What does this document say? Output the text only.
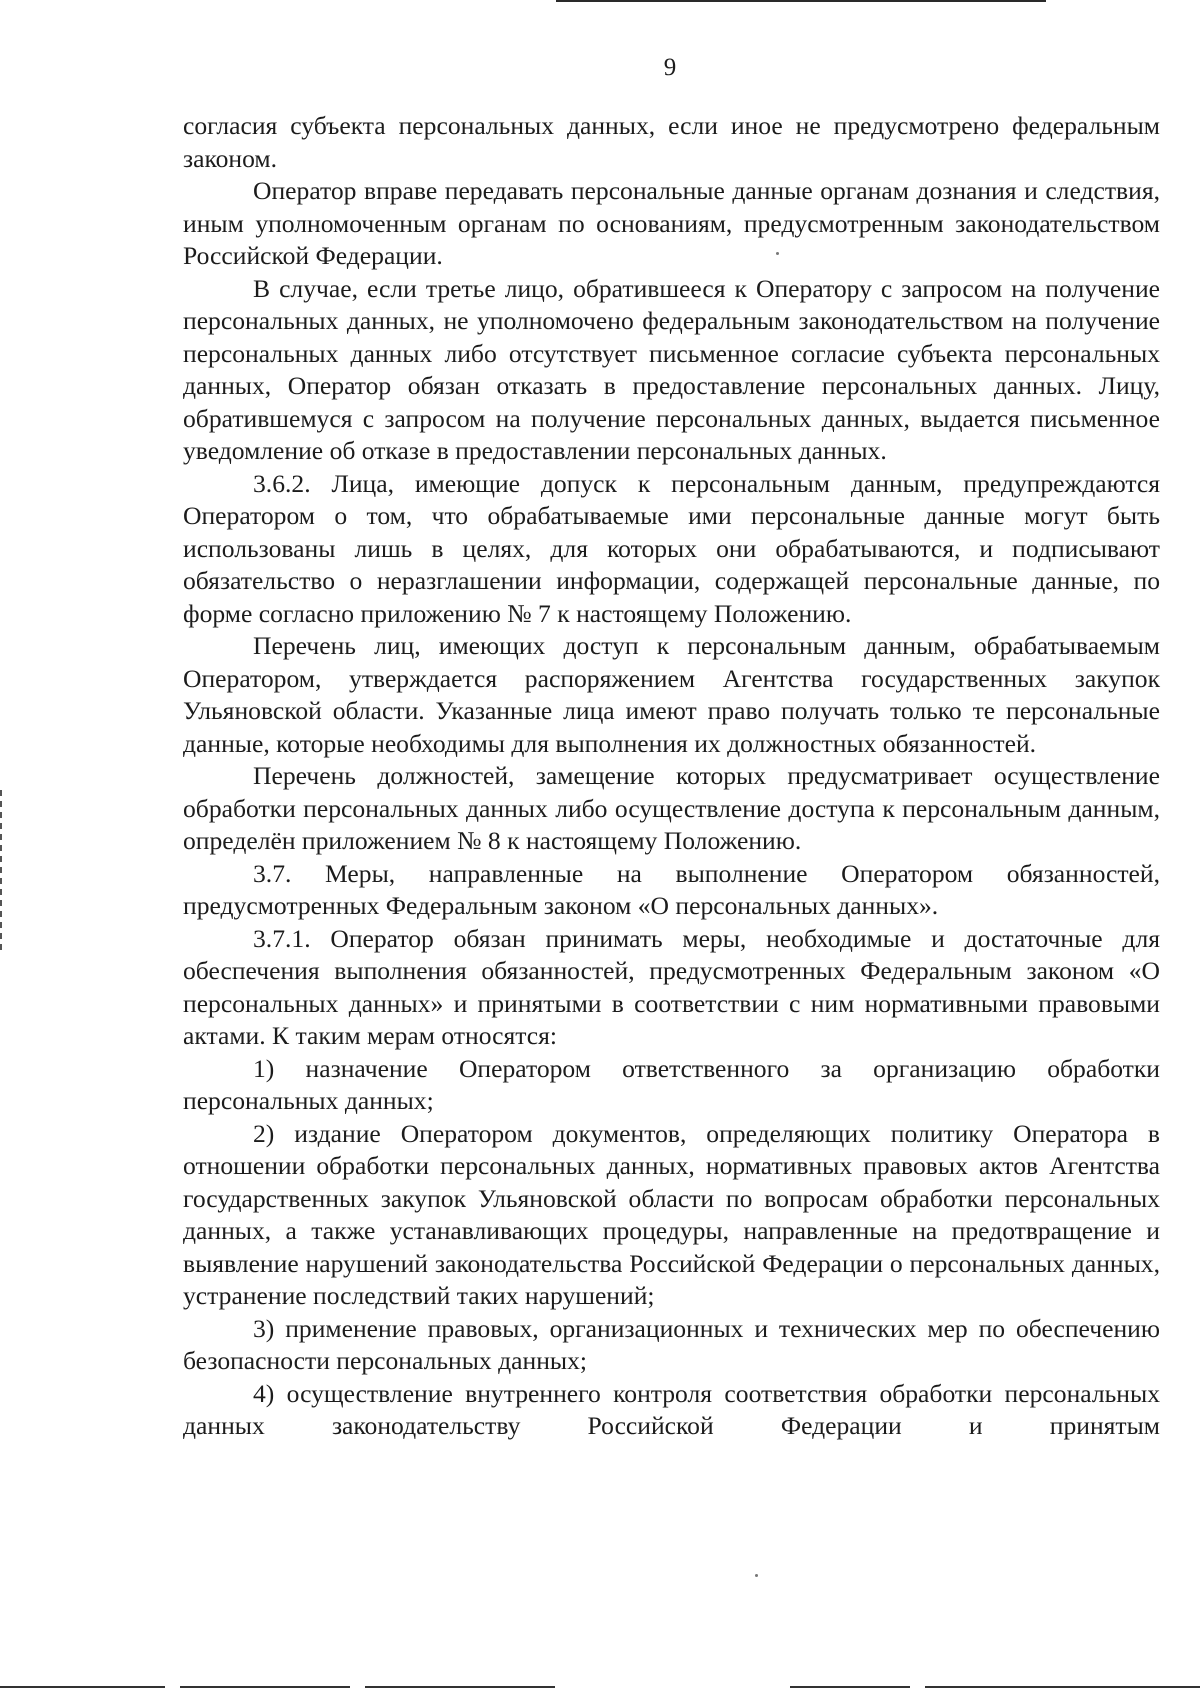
9

согласия субъекта персональных данных, если иное не предусмотрено федеральным законом.

Оператор вправе передавать персональные данные органам дознания и следствия, иным уполномоченным органам по основаниям, предусмотренным законодательством Российской Федерации.

В случае, если третье лицо, обратившееся к Оператору с запросом на получение персональных данных, не уполномочено федеральным законодательством на получение персональных данных либо отсутствует письменное согласие субъекта персональных данных, Оператор обязан отказать в предоставление персональных данных. Лицу, обратившемуся с запросом на получение персональных данных, выдается письменное уведомление об отказе в предоставлении персональных данных.

3.6.2. Лица, имеющие допуск к персональным данным, предупреждаются Оператором о том, что обрабатываемые ими персональные данные могут быть использованы лишь в целях, для которых они обрабатываются, и подписывают обязательство о неразглашении информации, содержащей персональные данные, по форме согласно приложению № 7 к настоящему Положению.

Перечень лиц, имеющих доступ к персональным данным, обрабатываемым Оператором, утверждается распоряжением Агентства государственных закупок Ульяновской области. Указанные лица имеют право получать только те персональные данные, которые необходимы для выполнения их должностных обязанностей.

Перечень должностей, замещение которых предусматривает осуществление обработки персональных данных либо осуществление доступа к персональным данным, определён приложением № 8 к настоящему Положению.

3.7. Меры, направленные на выполнение Оператором обязанностей, предусмотренных Федеральным законом «О персональных данных».

3.7.1. Оператор обязан принимать меры, необходимые и достаточные для обеспечения выполнения обязанностей, предусмотренных Федеральным законом «О персональных данных» и принятыми в соответствии с ним нормативными правовыми актами. К таким мерам относятся:

1) назначение Оператором ответственного за организацию обработки персональных данных;

2) издание Оператором документов, определяющих политику Оператора в отношении обработки персональных данных, нормативных правовых актов Агентства государственных закупок Ульяновской области по вопросам обработки персональных данных, а также устанавливающих процедуры, направленные на предотвращение и выявление нарушений законодательства Российской Федерации о персональных данных, устранение последствий таких нарушений;

3) применение правовых, организационных и технических мер по обеспечению безопасности персональных данных;

4) осуществление внутреннего контроля соответствия обработки персональных данных законодательству Российской Федерации и принятым
